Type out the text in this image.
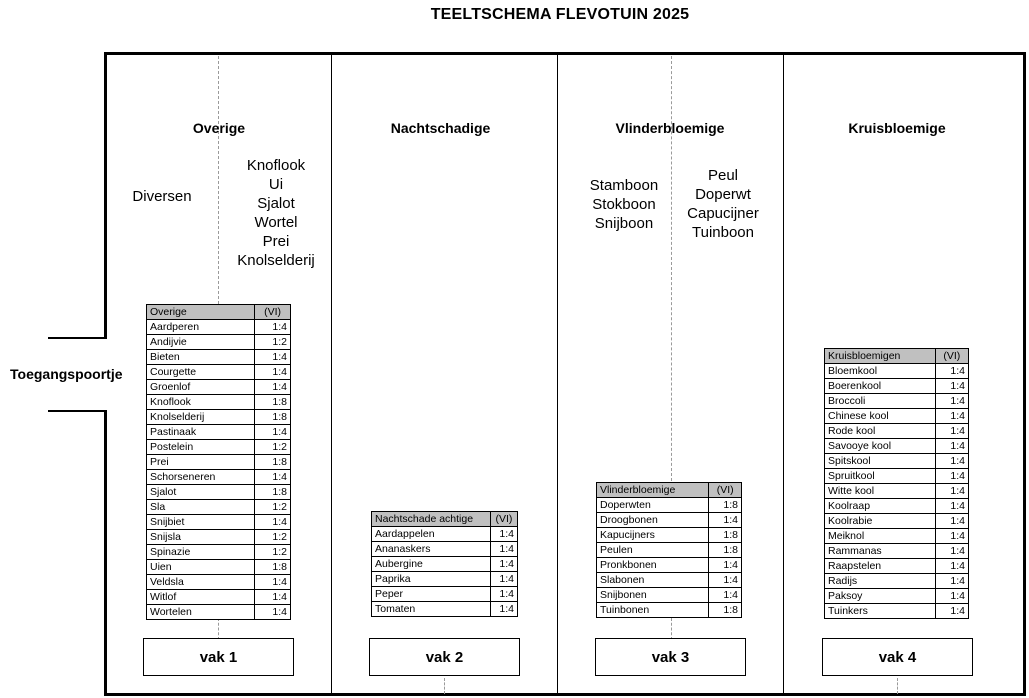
TEELTSCHEMA FLEVOTUIN 2025
Toegangspoortje
Overige	Nachtschadige	Vlinderbloemige	Kruisbloemige
Diversen
Knoflook
Ui
Sjalot
Wortel
Prei
Knolselderij
Stamboon
Stokboon
Snijboon
Peul
Doperwt
Capucijner
Tuinboon
Overige	(VI)
Aardperen	1:4
Andijvie	1:2
Bieten	1:4
Courgette	1:4
Groenlof	1:4
Knoflook	1:8
Knolselderij	1:8
Pastinaak	1:4
Postelein	1:2
Prei	1:8
Schorseneren	1:4
Sjalot	1:8
Sla	1:2
Snijbiet	1:4
Snijsla	1:2
Spinazie	1:2
Uien	1:8
Veldsla	1:4
Witlof	1:4
Wortelen	1:4
Nachtschade achtige	(VI)
Aardappelen	1:4
Ananaskers	1:4
Aubergine	1:4
Paprika	1:4
Peper	1:4
Tomaten	1:4
Vlinderbloemige	(VI)
Doperwten	1:8
Droogbonen	1:4
Kapucijners	1:8
Peulen	1:8
Pronkbonen	1:4
Slabonen	1:4
Snijbonen	1:4
Tuinbonen	1:8
Kruisbloemigen	(VI)
Bloemkool	1:4
Boerenkool	1:4
Broccoli	1:4
Chinese kool	1:4
Rode kool	1:4
Savooye kool	1:4
Spitskool	1:4
Spruitkool	1:4
Witte kool	1:4
Koolraap	1:4
Koolrabie	1:4
Meiknol	1:4
Rammanas	1:4
Raapstelen	1:4
Radijs	1:4
Paksoy	1:4
Tuinkers	1:4
vak 1	vak 2	vak 3	vak 4
